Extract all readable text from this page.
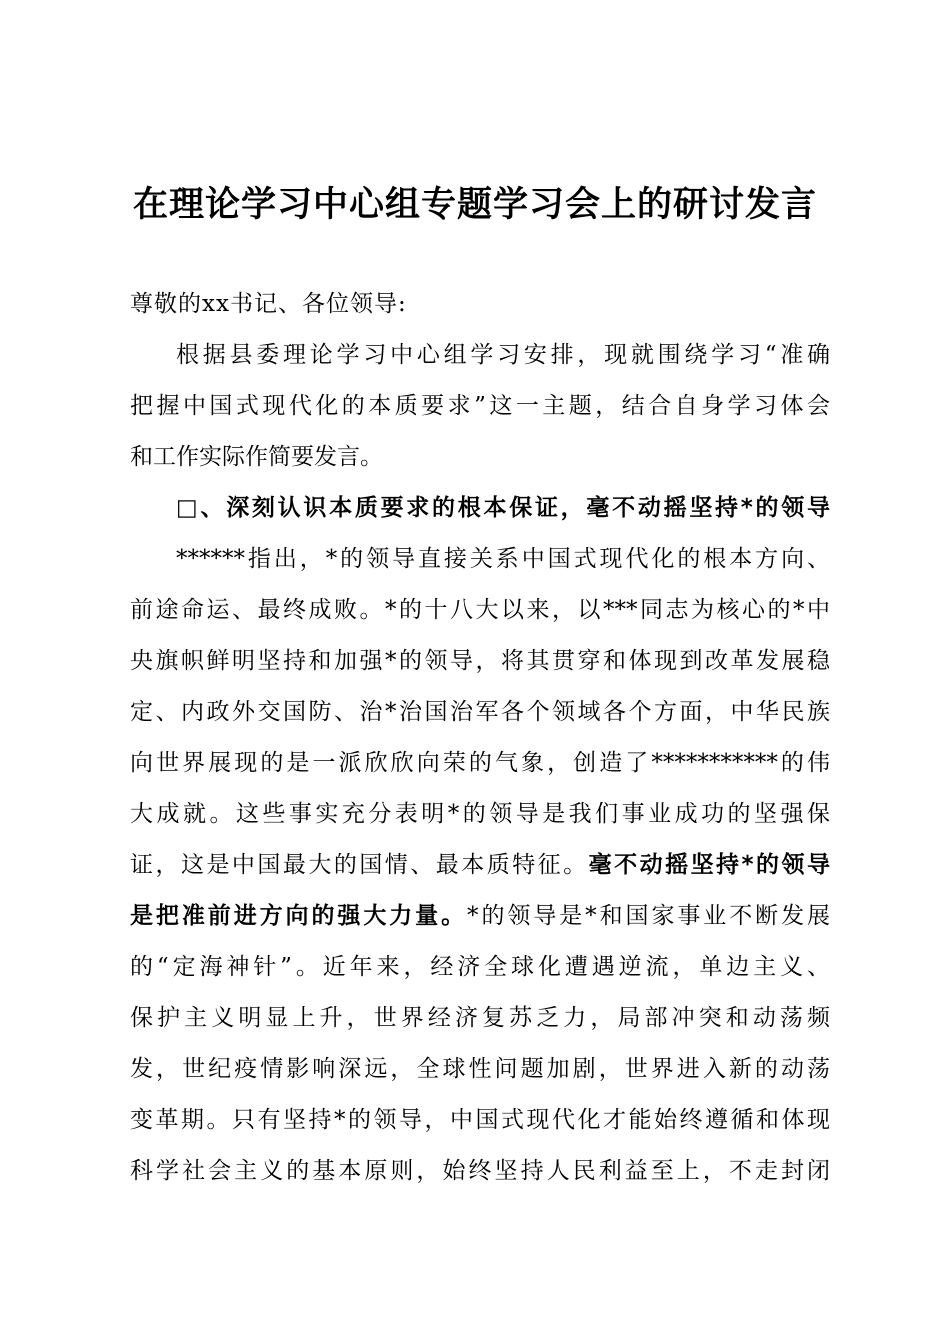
在理论学习中心组专题学习会上的研讨发言
尊敬的xx书记、各位领导:
根据县委理论学习中心组学习安排，现就围绕学习“准确
把握中国式现代化的本质要求”这一主题，结合自身学习体会
和工作实际作简要发言。
□、深刻认识本质要求的根本保证，毫不动摇坚持*的领导
******指出，*的领导直接关系中国式现代化的根本方向、
前途命运、最终成败。*的十八大以来，以***同志为核心的*中
央旗帜鲜明坚持和加强*的领导，将其贯穿和体现到改革发展稳
定、内政外交国防、治*治国治军各个领域各个方面，中华民族
向世界展现的是一派欣欣向荣的气象，创造了***********的伟
大成就。这些事实充分表明*的领导是我们事业成功的坚强保
证，这是中国最大的国情、最本质特征。毫不动摇坚持*的领导
是把准前进方向的强大力量。*的领导是*和国家事业不断发展
的“定海神针”。近年来，经济全球化遭遇逆流，单边主义、
保护主义明显上升，世界经济复苏乏力，局部冲突和动荡频
发，世纪疫情影响深远，全球性问题加剧，世界进入新的动荡
变革期。只有坚持*的领导，中国式现代化才能始终遵循和体现
科学社会主义的基本原则，始终坚持人民利益至上，不走封闭
